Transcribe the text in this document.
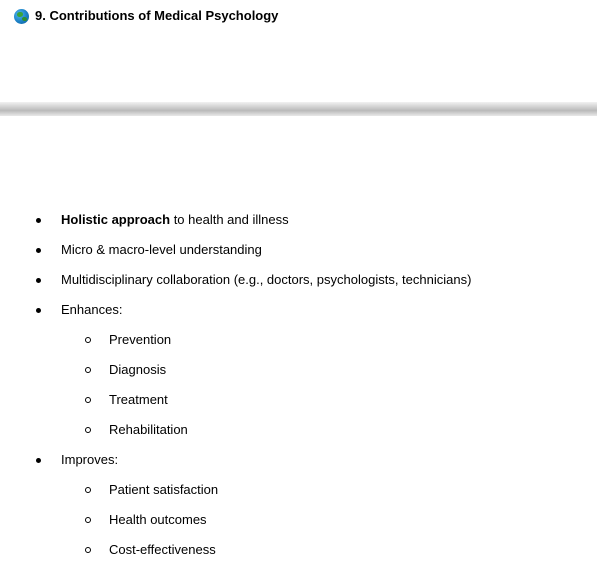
9. Contributions of Medical Psychology
Holistic approach to health and illness
Micro & macro-level understanding
Multidisciplinary collaboration (e.g., doctors, psychologists, technicians)
Enhances:
Prevention
Diagnosis
Treatment
Rehabilitation
Improves:
Patient satisfaction
Health outcomes
Cost-effectiveness
